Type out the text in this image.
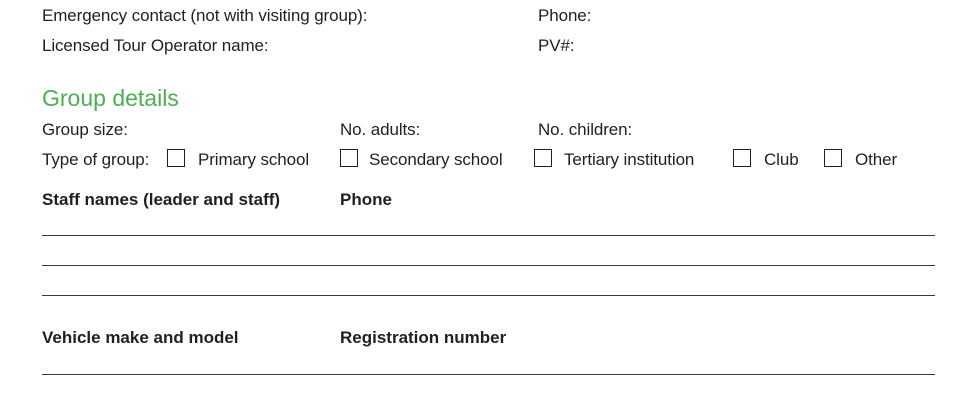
Emergency contact (not with visiting group):	Phone:
Licensed Tour Operator name:	PV#:
Group details
Group size:	No. adults:	No. children:
Type of group:	Primary school	Secondary school	Tertiary institution	Club	Other
Staff names (leader and staff)	Phone
Vehicle make and model	Registration number
